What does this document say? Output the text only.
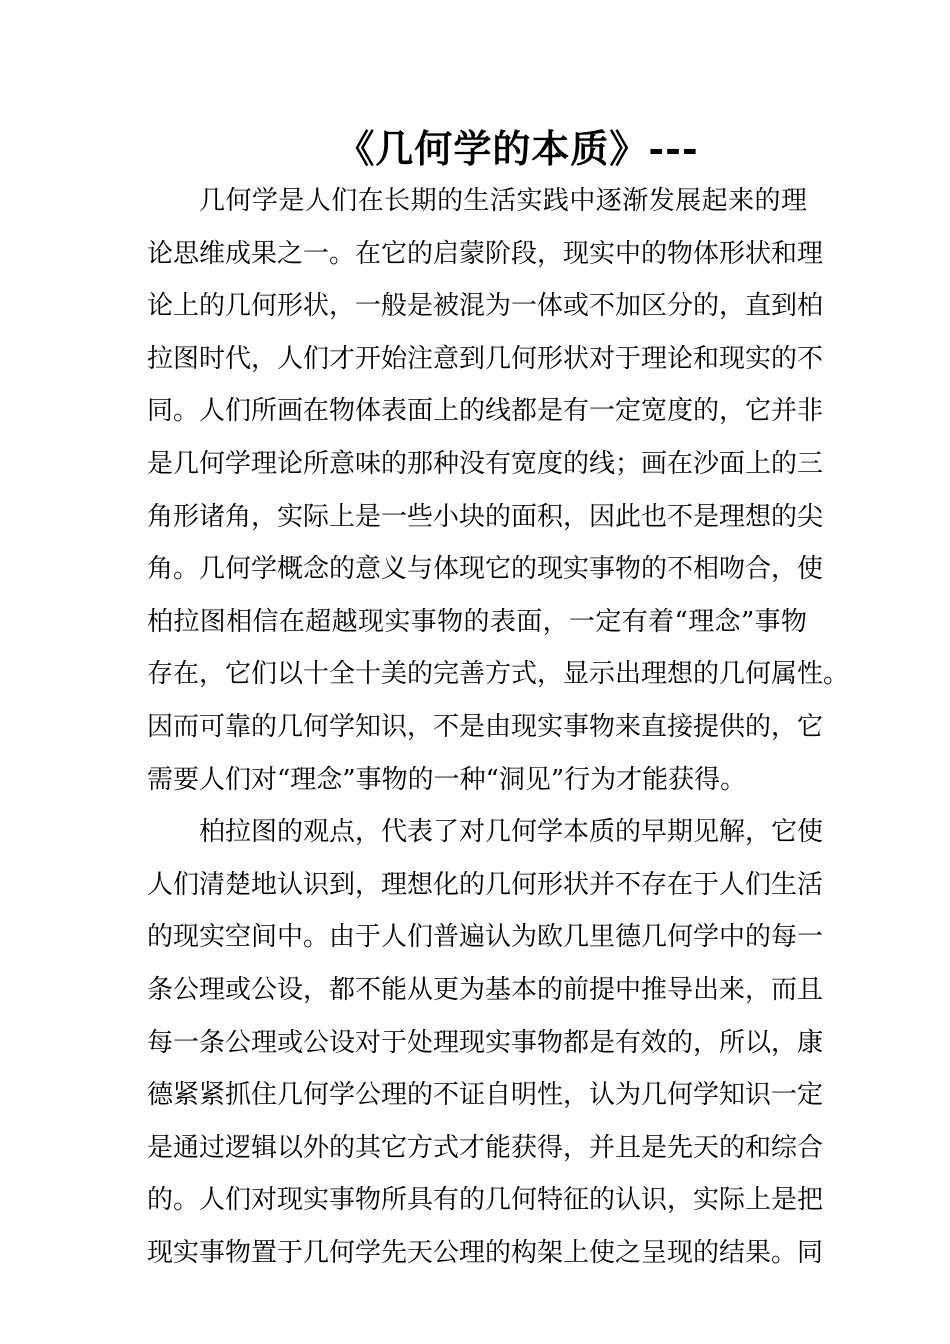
《几何学的本质》---
几何学是人们在长期的生活实践中逐渐发展起来的理
论思维成果之一。在它的启蒙阶段，现实中的物体形状和理
论上的几何形状，一般是被混为一体或不加区分的，直到柏
拉图时代，人们才开始注意到几何形状对于理论和现实的不
同。人们所画在物体表面上的线都是有一定宽度的，它并非
是几何学理论所意味的那种没有宽度的线；画在沙面上的三
角形诸角，实际上是一些小块的面积，因此也不是理想的尖
角。几何学概念的意义与体现它的现实事物的不相吻合，使
柏拉图相信在超越现实事物的表面，一定有着“理念”事物
存在，它们以十全十美的完善方式，显示出理想的几何属性。
因而可靠的几何学知识，不是由现实事物来直接提供的，它
需要人们对“理念”事物的一种“洞见”行为才能获得。
柏拉图的观点，代表了对几何学本质的早期见解，它使
人们清楚地认识到，理想化的几何形状并不存在于人们生活
的现实空间中。由于人们普遍认为欧几里德几何学中的每一
条公理或公设，都不能从更为基本的前提中推导出来，而且
每一条公理或公设对于处理现实事物都是有效的，所以，康
德紧紧抓住几何学公理的不证自明性，认为几何学知识一定
是通过逻辑以外的其它方式才能获得，并且是先天的和综合
的。人们对现实事物所具有的几何特征的认识，实际上是把
现实事物置于几何学先天公理的构架上使之呈现的结果。同
